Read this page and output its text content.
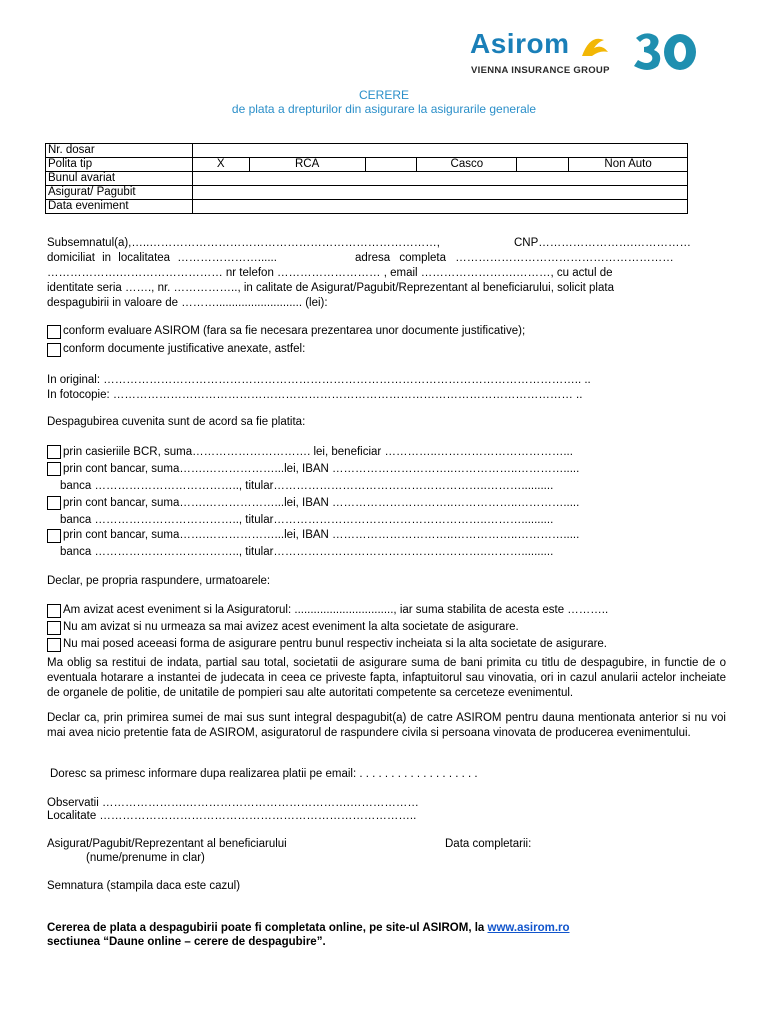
Asirom
VIENNA INSURANCE GROUP
CERERE
de plata a drepturilor din asigurare la asigurarile generale
Nr. dosar						
Polita tip	X	RCA		Casco		Non Auto
Bunul avariat						
Asigurat/ Pagubit						
Data eveniment						
Subsemnatul(a),…..…………………………………………………………………,	CNP…………………….……………
domiciliat in localitatea …………………......	adresa completa …………………………………………………
……………….……………………… nr telefon ……………………… , email …………………….………, cu actul de
identitate seria ……., nr. …………….., in calitate de Asigurat/Pagubit/Reprezentant al beneficiarului, solicit plata
despagubirii in valoare de ………........................... (lei):
conform evaluare ASIROM (fara sa fie necesara prezentarea unor documente justificative);
conform documente justificative anexate, astfel:
In original: …………………………………………………………………………………………………………….. ..
In fotocopie: ………………………………………………………………………………………………………… ..
Despagubirea cuvenita sunt de acord sa fie platita:
prin casieriile BCR, suma…………………………. lei, beneficiar …………..……………………………...
prin cont bancar, suma…….………………...lei, IBAN …………………………..……………..………….....
banca ……………………………….., titular………………………………………………..………..........
prin cont bancar, suma…….………………...lei, IBAN …………………………..……………..………….....
banca ……………………………….., titular………………………………………………..………..........
prin cont bancar, suma…….………………...lei, IBAN …………………………..……………..………….....
banca ……………………………….., titular………………………………………………..………..........
Declar, pe propria raspundere, urmatoarele:
Am avizat acest eveniment si la Asiguratorul: ..............................., iar suma stabilita de acesta este ………..
Nu am avizat si nu urmeaza sa mai avizez acest eveniment la alta societate de asigurare.
Nu mai posed aceeasi forma de asigurare pentru bunul respectiv incheiata si la alta societate de asigurare.
Ma oblig sa restitui de indata, partial sau total, societatii de asigurare suma de bani primita cu titlu de despagubire, in functie de o eventuala hotarare a instantei de judecata in ceea ce priveste fapta, infaptuitorul sau vinovatia, ori in cazul anularii actelor incheiate de organele de politie, de unitatile de pompieri sau alte autoritati competente sa cerceteze evenimentul.
Declar ca, prin primirea sumei de mai sus sunt integral despagubit(a) de catre ASIROM pentru dauna mentionata anterior si nu voi mai avea nicio pretentie fata de ASIROM, asiguratorul de raspundere civila si persoana vinovata de producerea evenimentului.
Doresc sa primesc informare dupa realizarea platii pe email: . . . . . . . . . . . . . . . . . . .
Observatii ………………….…………………………………….………………
Localitate ………………………………………………………………………..
Asigurat/Pagubit/Reprezentant al beneficiarului
(nume/prenume in clar)
Data completarii:
Semnatura (stampila daca este cazul)
Cererea de plata a despagubirii poate fi completata online, pe site-ul ASIROM, la www.asirom.ro
sectiunea “Daune online – cerere de despagubire”.
